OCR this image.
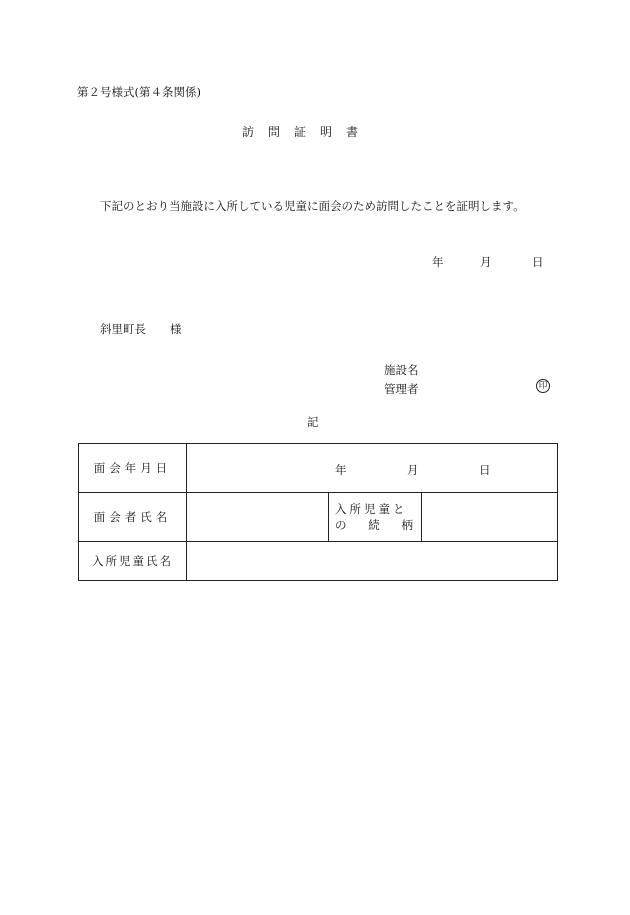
第２号様式(第４条関係)
訪問証明書
下記のとおり当施設に入所している児童に面会のため訪問したことを証明します。
年	月	日
斜里町長 様
施設名
管理者	印
記
面会年月日	年 月 日		

面会者氏名		入所児童と
の 続 柄	

入所児童氏名			
